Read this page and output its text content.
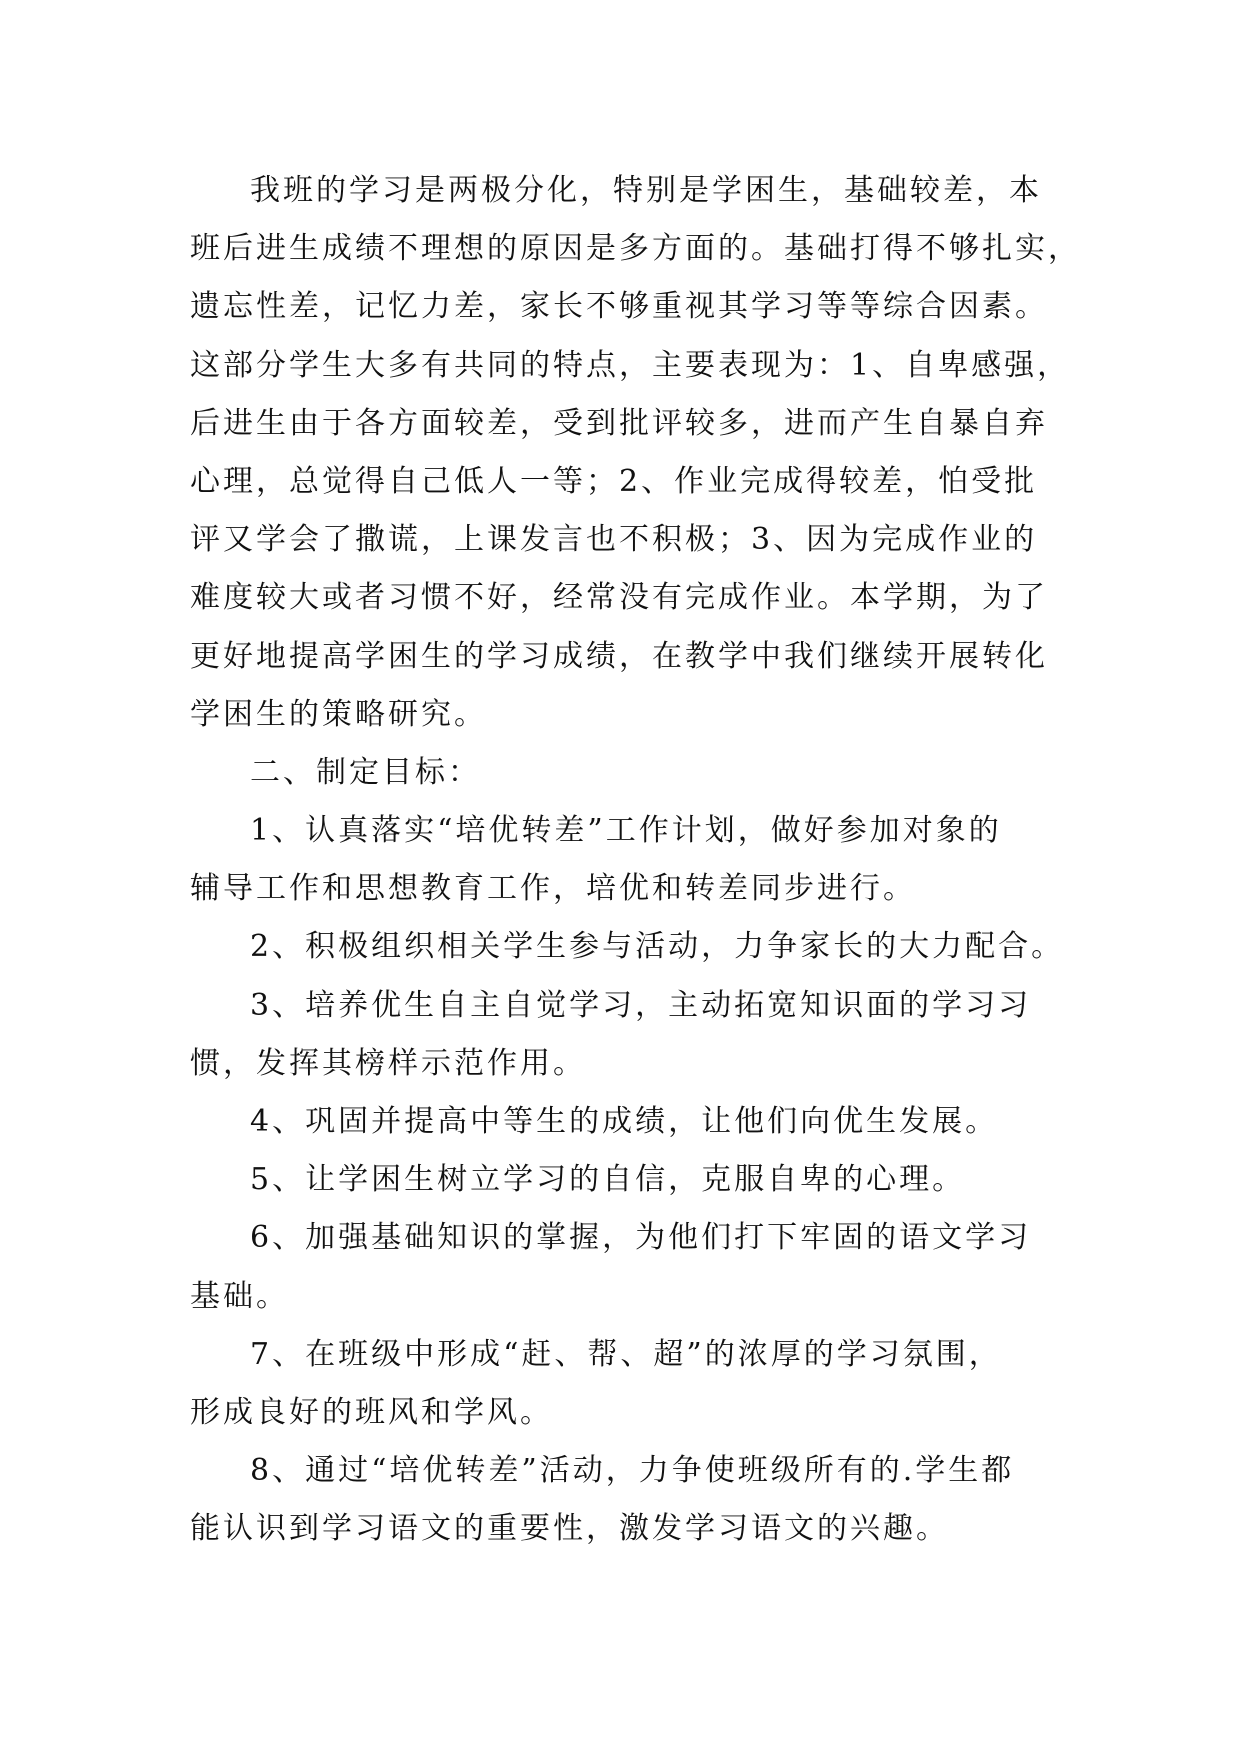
我班的学习是两极分化，特别是学困生，基础较差，本
班后进生成绩不理想的原因是多方面的。基础打得不够扎实，
遗忘性差，记忆力差，家长不够重视其学习等等综合因素。
这部分学生大多有共同的特点，主要表现为：1、自卑感强，
后进生由于各方面较差，受到批评较多，进而产生自暴自弃
心理，总觉得自己低人一等；2、作业完成得较差，怕受批
评又学会了撒谎，上课发言也不积极；3、因为完成作业的
难度较大或者习惯不好，经常没有完成作业。本学期，为了
更好地提高学困生的学习成绩，在教学中我们继续开展转化
学困生的策略研究。
二、制定目标：
1、认真落实“培优转差”工作计划，做好参加对象的
辅导工作和思想教育工作，培优和转差同步进行。
2、积极组织相关学生参与活动，力争家长的大力配合。
3、培养优生自主自觉学习，主动拓宽知识面的学习习
惯，发挥其榜样示范作用。
4、巩固并提高中等生的成绩，让他们向优生发展。
5、让学困生树立学习的自信，克服自卑的心理。
6、加强基础知识的掌握，为他们打下牢固的语文学习
基础。
7、在班级中形成“赶、帮、超”的浓厚的学习氛围，
形成良好的班风和学风。
8、通过“培优转差”活动，力争使班级所有的.学生都
能认识到学习语文的重要性，激发学习语文的兴趣。
